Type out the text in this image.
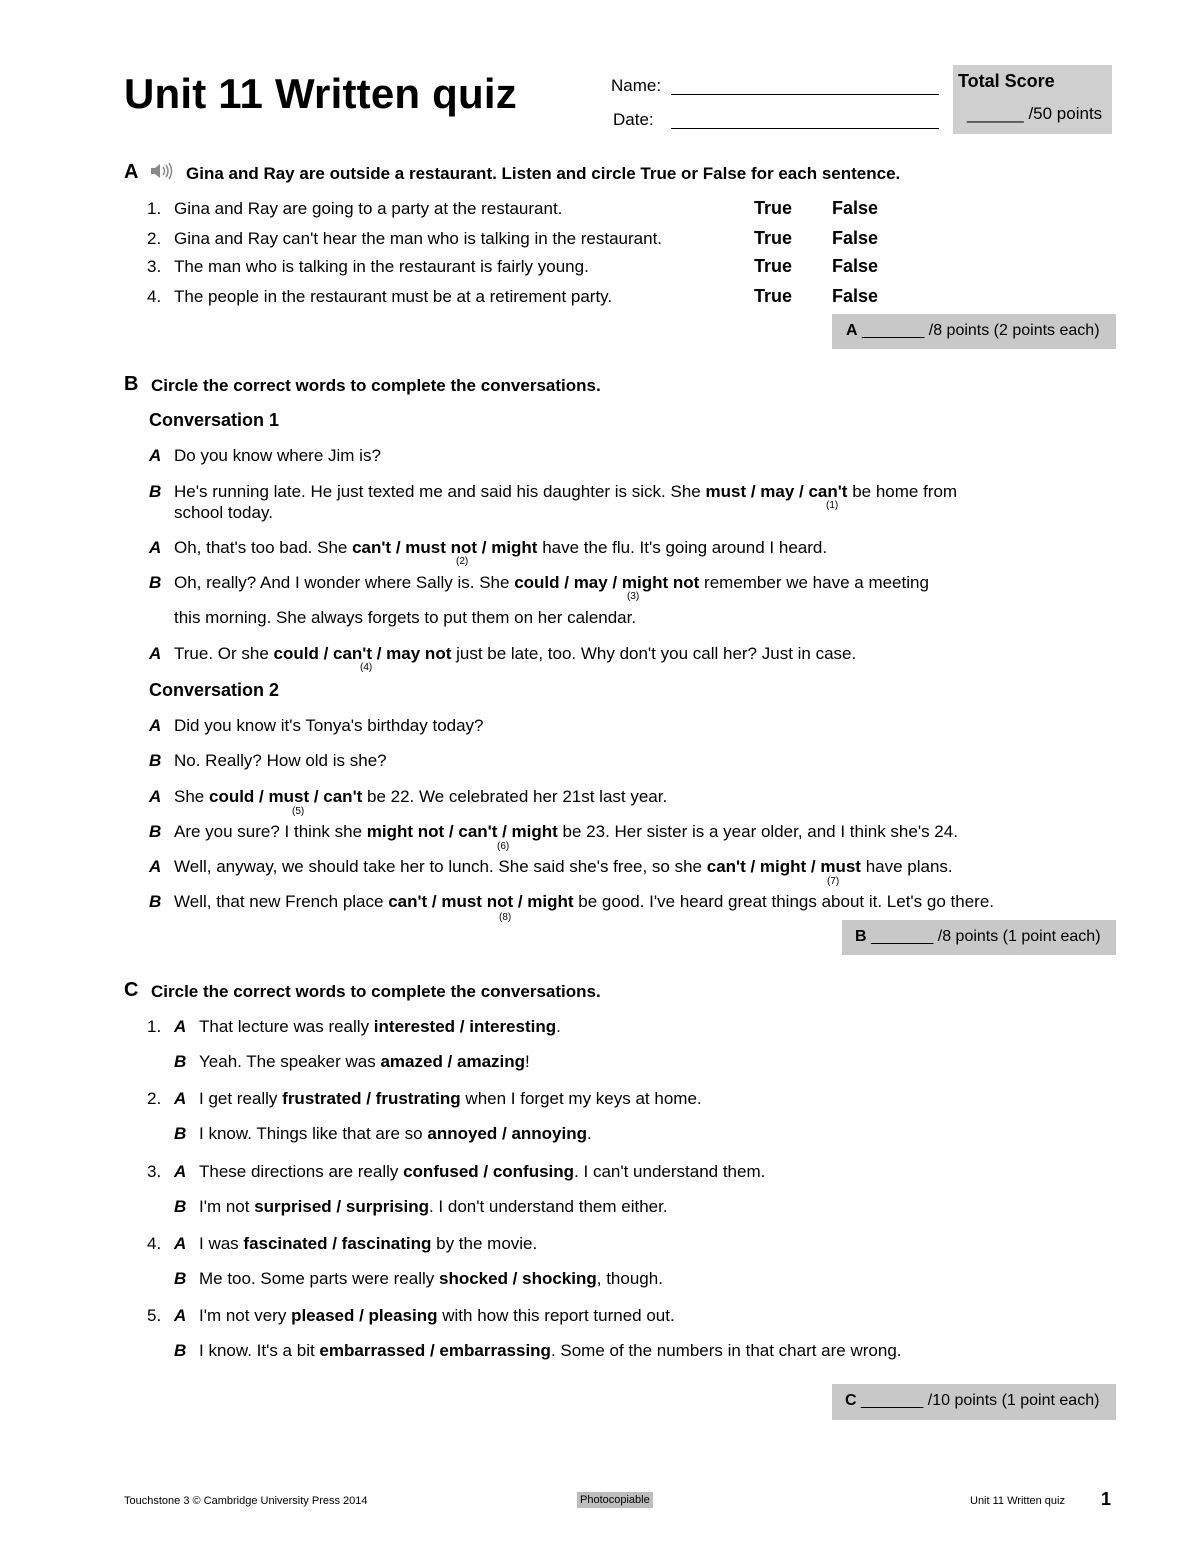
Unit 11 Written quiz	Name:
Date:
Total Score
______ /50 points
A	Gina and Ray are outside a restaurant. Listen and circle True or False for each sentence.
1. Gina and Ray are going to a party at the restaurant.	True False
2. Gina and Ray can't hear the man who is talking in the restaurant.	True False
3. The man who is talking in the restaurant is fairly young.	True False
4. The people in the restaurant must be at a retirement party.	True False
A _______ /8 points (2 points each)
B Circle the correct words to complete the conversations.
Conversation 1
A Do you know where Jim is?
B He's running late. He just texted me and said his daughter is sick. She must / may / can't be home from
school today.
A Oh, that's too bad. She can't / must not / might have the flu. It's going around I heard.
B Oh, really? And I wonder where Sally is. She could / may / might not remember we have a meeting
this morning. She always forgets to put them on her calendar.
A True. Or she could / can't / may not just be late, too. Why don't you call her? Just in case.
Conversation 2
A Did you know it's Tonya's birthday today?
B No. Really? How old is she?
A She could / must / can't be 22. We celebrated her 21st last year.
B Are you sure? I think she might not / can't / might be 23. Her sister is a year older, and I think she's 24.
A Well, anyway, we should take her to lunch. She said she's free, so she can't / might / must have plans.
B Well, that new French place can't / must not / might be good. I've heard great things about it. Let's go there.
(1)
(2)
(3)
(4)
(5)
(6)
(7)
(8)
B _______ /8 points (1 point each)
C Circle the correct words to complete the conversations.
1. A That lecture was really interested / interesting.
B Yeah. The speaker was amazed / amazing!
2. A I get really frustrated / frustrating when I forget my keys at home.
B I know. Things like that are so annoyed / annoying.
3. A These directions are really confused / confusing. I can't understand them.
B I'm not surprised / surprising. I don't understand them either.
4. A I was fascinated / fascinating by the movie.
B Me too. Some parts were really shocked / shocking, though.
5. A I'm not very pleased / pleasing with how this report turned out.
B I know. It's a bit embarrassed / embarrassing. Some of the numbers in that chart are wrong.
C _______ /10 points (1 point each)
Touchstone 3 © Cambridge University Press 2014	Photocopiable	Unit 11 Written quiz 1
